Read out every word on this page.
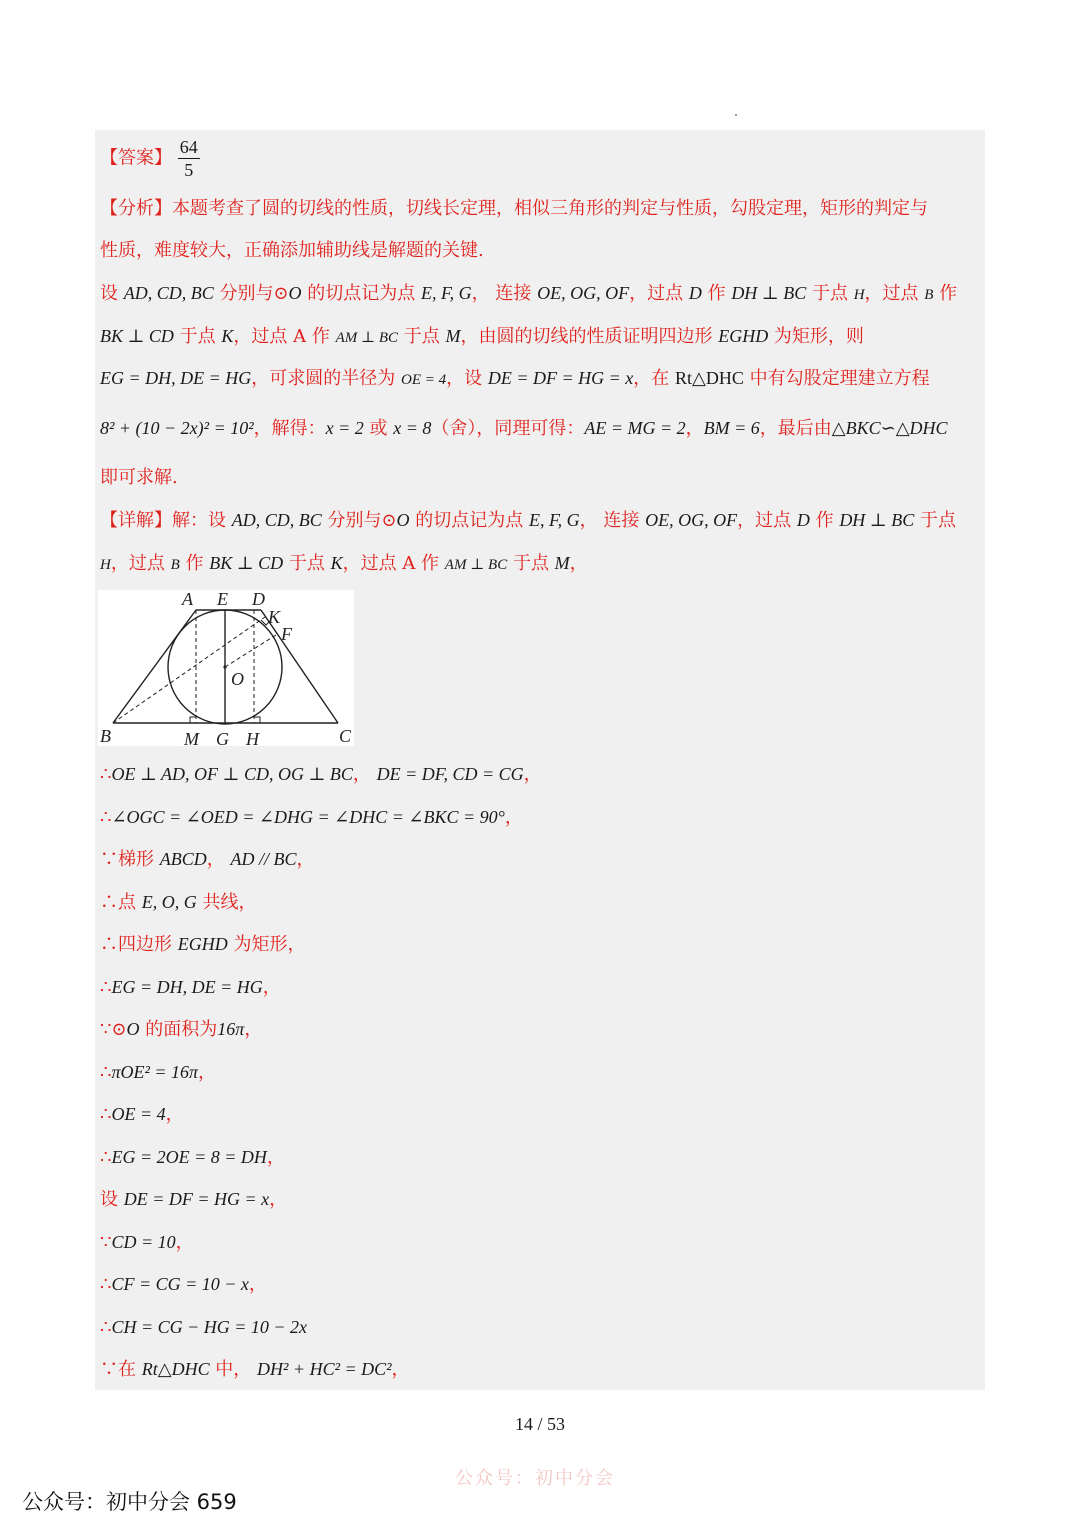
【答案】 $\frac{64}{5}$
【分析】本题考查了圆的切线的性质，切线长定理，相似三角形的判定与性质，勾股定理，矩形的判定与
性质，难度较大，正确添加辅助线是解题的关键.
设 AD, CD, BC 分别与⊙O 的切点记为点 E, F, G， 连接 OE, OG, OF，过点 D 作 DH ⊥ BC 于点 H，过点 B 作
BK ⊥ CD 于点 K，过点 A 作 AM ⊥ BC 于点 M，由圆的切线的性质证明四边形 EGHD 为矩形，则
EG = DH, DE = HG，可求圆的半径为 OE = 4，设 DE = DF = HG = x，在 Rt△DHC 中有勾股定理建立方程
8² + (10 − 2x)² = 10²，解得：x = 2 或 x = 8（舍），同理可得：AE = MG = 2，BM = 6，最后由△BKC∽△DHC
即可求解.
【详解】解：设 AD, CD, BC 分别与⊙O 的切点记为点 E, F, G， 连接 OE, OG, OF，过点 D 作 DH ⊥ BC 于点
H，过点 B 作 BK ⊥ CD 于点 K，过点 A 作 AM ⊥ BC 于点 M，
A E D
K
F
O
B	M G H	C
∴OE ⊥ AD, OF ⊥ CD, OG ⊥ BC， DE = DF, CD = CG，
∴∠OGC = ∠OED = ∠DHG = ∠DHC = ∠BKC = 90°，
∵梯形 ABCD， AD // BC，
∴点 E, O, G 共线，
∴四边形 EGHD 为矩形，
∴EG = DH, DE = HG，
∵⊙O 的面积为16π，
∴πOE² = 16π，
∴OE = 4，
∴EG = 2OE = 8 = DH，
设 DE = DF = HG = x，
∵CD = 10，
∴CF = CG = 10 − x，
∴CH = CG − HG = 10 − 2x
∵在 Rt△DHC 中， DH² + HC² = DC²，
14 / 53
公众号：初中分会
公众号：初中分会 659
